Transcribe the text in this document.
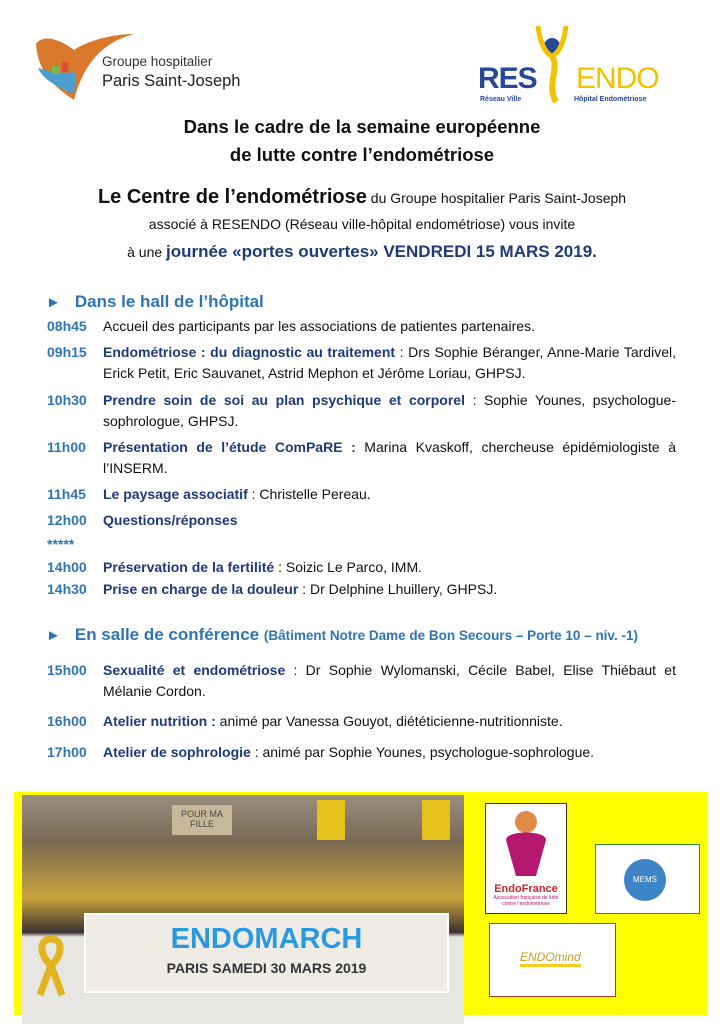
Groupe hospitalier
Paris Saint-Joseph	RES ENDO
Réseau Ville	Hôpital Endométriose
Dans le cadre de la semaine européenne
de lutte contre l’endométriose
Le Centre de l’endométriose du Groupe hospitalier Paris Saint-Joseph
associé à RESENDO (Réseau ville-hôpital endométriose) vous invite
à une journée «portes ouvertes» VENDREDI 15 MARS 2019.
► Dans le hall de l’hôpital
08h45 Accueil des participants par les associations de patientes partenaires.
09h15 Endométriose : du diagnostic au traitement : Drs Sophie Béranger, Anne-Marie Tardivel, Erick Petit, Eric Sauvanet, Astrid Mephon et Jérôme Loriau, GHPSJ.
10h30 Prendre soin de soi au plan psychique et corporel : Sophie Younes, psychologue-sophrologue, GHPSJ.
11h00 Présentation de l’étude ComPaRE : Marina Kvaskoff, chercheuse épidémiologiste à l’INSERM.
11h45 Le paysage associatif : Christelle Pereau.
12h00 Questions/réponses
*****
14h00 Préservation de la fertilité : Soizic Le Parco, IMM.
14h30 Prise en charge de la douleur : Dr Delphine Lhuillery, GHPSJ.
► En salle de conférence (Bâtiment Notre Dame de Bon Secours – Porte 10 – niv. -1)
15h00 Sexualité et endométriose : Dr Sophie Wylomanski, Cécile Babel, Elise Thiébaut et Mélanie Cordon.
16h00 Atelier nutrition : animé par Vanessa Gouyot, diététicienne-nutritionniste.
17h00 Atelier de sophrologie : animé par Sophie Younes, psychologue-sophrologue.
POUR MA FILLE
ENDOMARCH
PARIS SAMEDI 30 MARS 2019
EndoFrance
Association française de lutte contre l’endométriose
MEMS
ENDOmind
